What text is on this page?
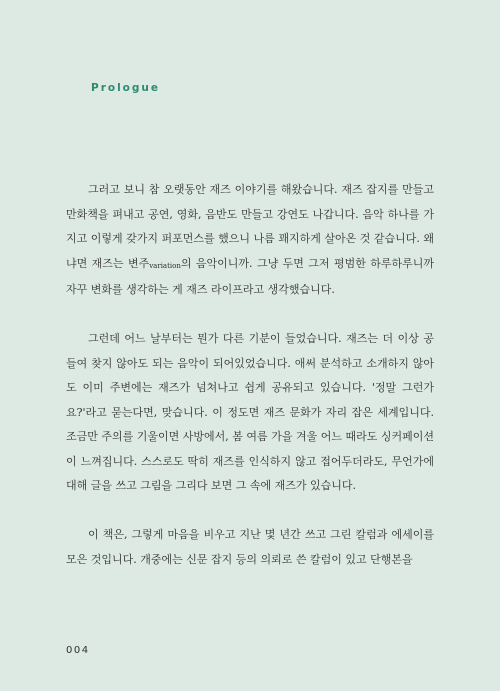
Prologue

그러고 보니 참 오랫동안 재즈 이야기를 해왔습니다. 재즈 잡지를 만들고 만화책을 펴내고 공연, 영화, 음반도 만들고 강연도 나갑니다. 음악 하나를 가지고 이렇게 갖가지 퍼포먼스를 했으니 나름 꽤지하게 살아온 것 같습니다. 왜냐면 재즈는 변주variation의 음악이니까. 그냥 두면 그저 평범한 하루하루니까 자꾸 변화를 생각하는 게 재즈 라이프라고 생각했습니다.

그런데 어느 날부터는 뭔가 다른 기분이 들었습니다. 재즈는 더 이상 공들여 찾지 않아도 되는 음악이 되어있었습니다. 애써 분석하고 소개하지 않아도 이미 주변에는 재즈가 넘쳐나고 쉽게 공유되고 있습니다. '정말 그런가요?'라고 묻는다면, 맞습니다. 이 정도면 재즈 문화가 자리 잡은 세계입니다. 조금만 주의를 기울이면 사방에서, 봄 여름 가을 겨울 어느 때라도 싱커페이션이 느껴집니다. 스스로도 딱히 재즈를 인식하지 않고 접어두더라도, 무언가에 대해 글을 쓰고 그림을 그리다 보면 그 속에 재즈가 있습니다.

이 책은, 그렇게 마음을 비우고 지난 몇 년간 쓰고 그린 칼럼과 에세이를 모은 것입니다. 개중에는 신문 잡지 등의 의뢰로 쓴 칼럼이 있고 단행본을

004
